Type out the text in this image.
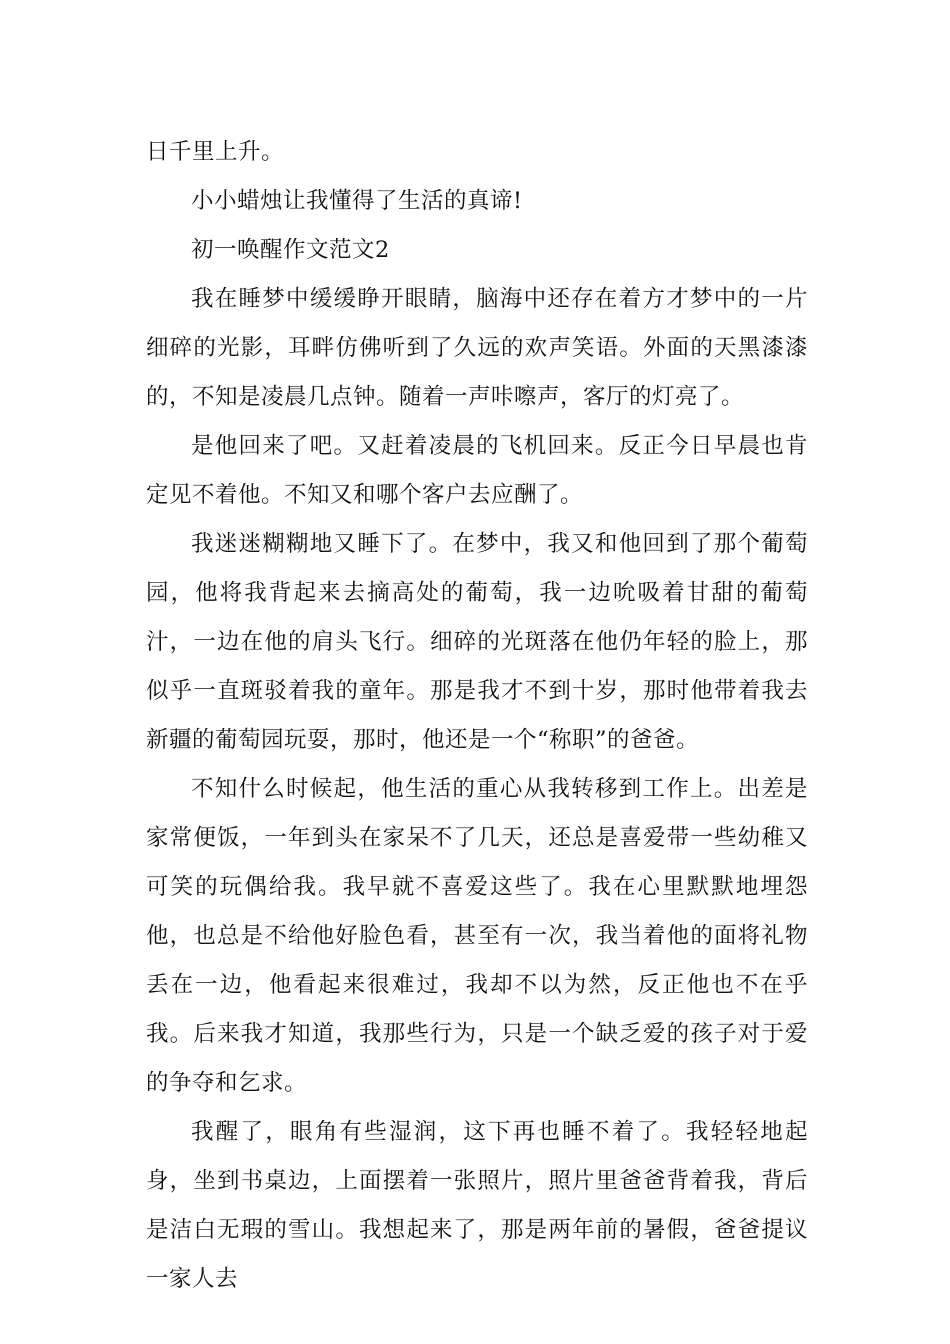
日千里上升。

小小蜡烛让我懂得了生活的真谛!

初一唤醒作文范文2

我在睡梦中缓缓睁开眼睛，脑海中还存在着方才梦中的一片细碎的光影，耳畔仿佛听到了久远的欢声笑语。外面的天黑漆漆的，不知是凌晨几点钟。随着一声咔嚓声，客厅的灯亮了。

是他回来了吧。又赶着凌晨的飞机回来。反正今日早晨也肯定见不着他。不知又和哪个客户去应酬了。

我迷迷糊糊地又睡下了。在梦中，我又和他回到了那个葡萄园，他将我背起来去摘高处的葡萄，我一边吮吸着甘甜的葡萄汁，一边在他的肩头飞行。细碎的光斑落在他仍年轻的脸上，那似乎一直斑驳着我的童年。那是我才不到十岁，那时他带着我去新疆的葡萄园玩耍，那时，他还是一个“称职”的爸爸。

不知什么时候起，他生活的重心从我转移到工作上。出差是家常便饭，一年到头在家呆不了几天，还总是喜爱带一些幼稚又可笑的玩偶给我。我早就不喜爱这些了。我在心里默默地埋怨他，也总是不给他好脸色看，甚至有一次，我当着他的面将礼物丢在一边，他看起来很难过，我却不以为然，反正他也不在乎我。后来我才知道，我那些行为，只是一个缺乏爱的孩子对于爱的争夺和乞求。

我醒了，眼角有些湿润，这下再也睡不着了。我轻轻地起身，坐到书桌边，上面摆着一张照片，照片里爸爸背着我，背后是洁白无瑕的雪山。我想起来了，那是两年前的暑假，爸爸提议一家人去
